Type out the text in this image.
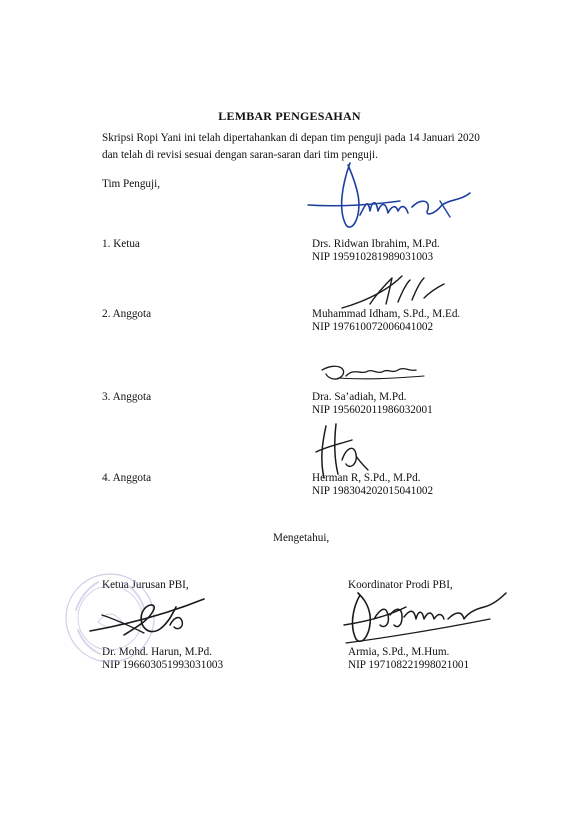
LEMBAR PENGESAHAN
Skripsi Ropi Yani ini telah dipertahankan di depan tim penguji pada 14 Januari 2020
dan telah di revisi sesuai dengan saran-saran dari tim penguji.
Tim Penguji,
1. Ketua	Drs. Ridwan Ibrahim, M.Pd.
NIP 195910281989031003
2. Anggota	Muhammad Idham, S.Pd., M.Ed.
NIP 197610072006041002
3. Anggota	Dra. Sa’adiah, M.Pd.
NIP 195602011986032001
4. Anggota	Herman R, S.Pd., M.Pd.
NIP 198304202015041002
Mengetahui,
Ketua Jurusan PBI,
Dr. Mohd. Harun, M.Pd.
NIP 196603051993031003
Koordinator Prodi PBI,
Armia, S.Pd., M.Hum.
NIP 197108221998021001
